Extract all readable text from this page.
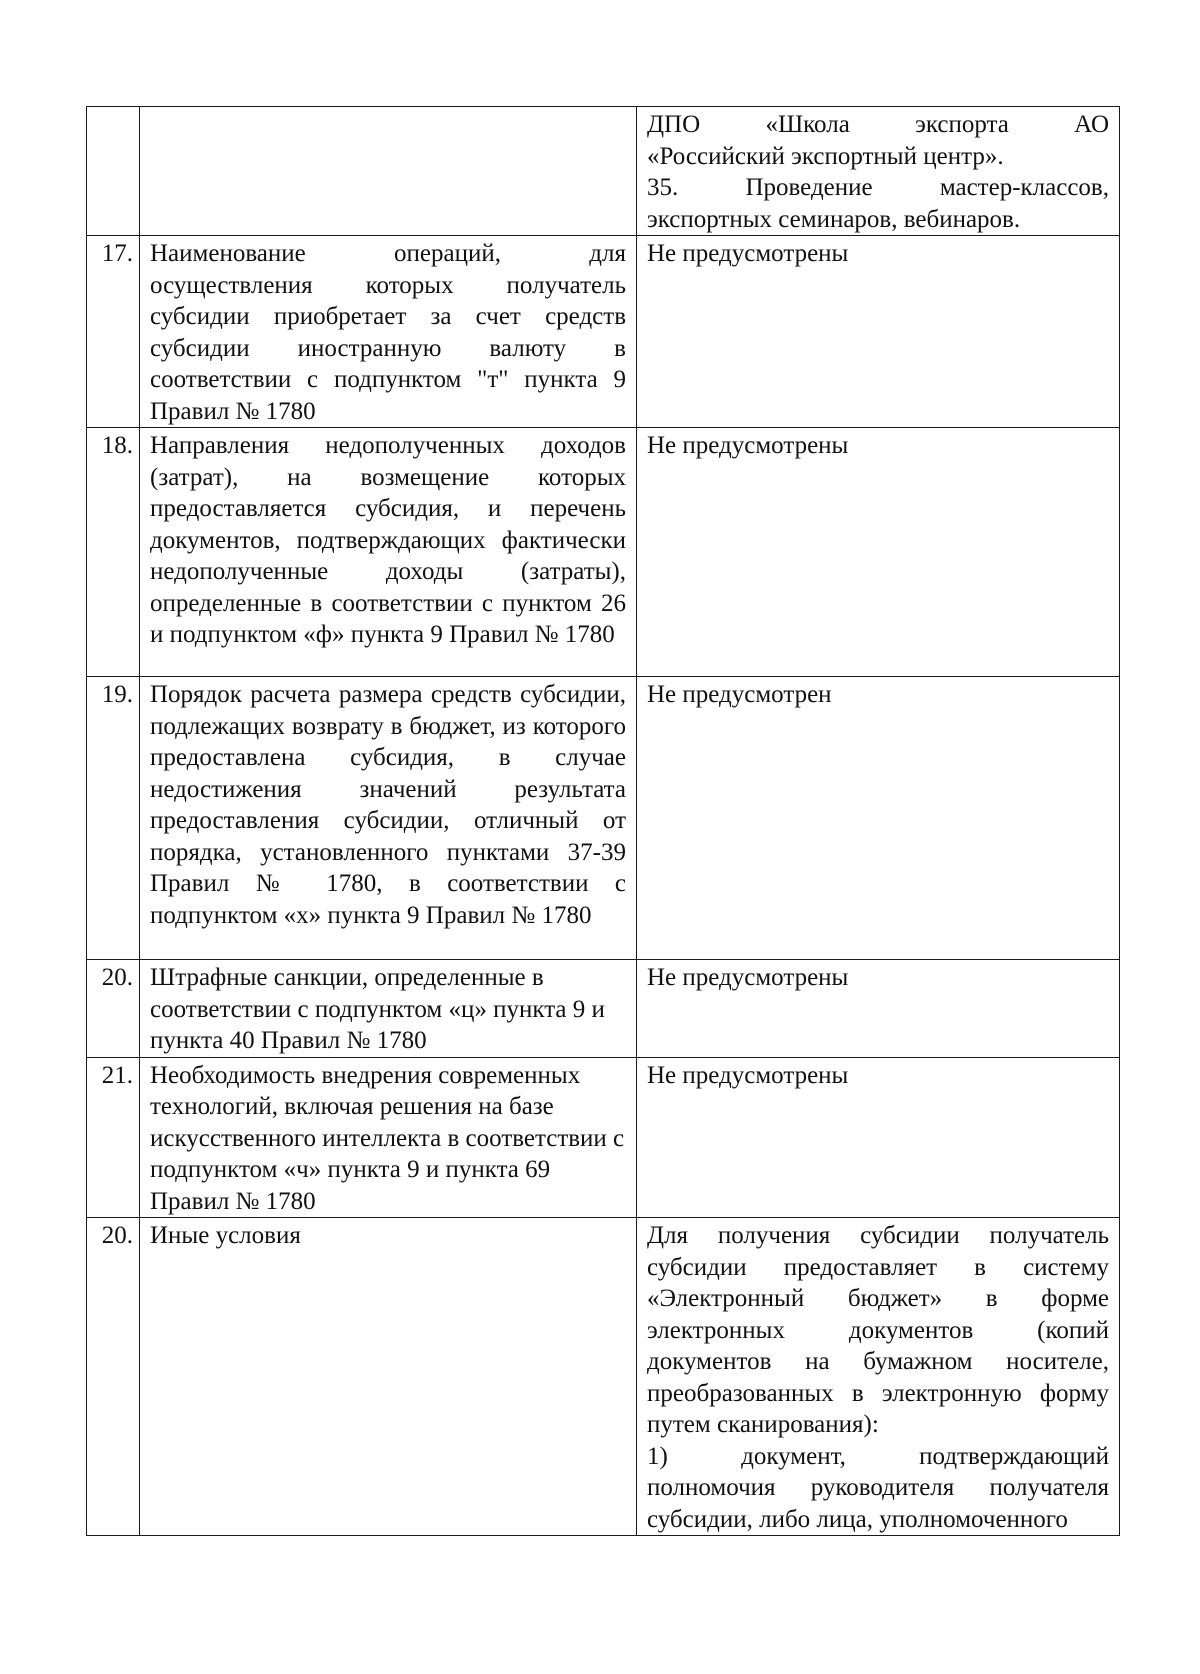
		ДПО «Школа экспорта АО
«Российский экспортный центр».
35. Проведение мастер-классов,
экспортных семинаров, вебинаров.

17.	Наименование операций, для осуществления которых получатель субсидии приобретает за счет средств субсидии иностранную валюту в соответствии с подпунктом "т" пункта 9 Правил № 1780	Не предусмотрены
18.	Направления недополученных доходов (затрат), на возмещение которых предоставляется субсидия, и перечень документов, подтверждающих фактически недополученные доходы (затраты), определенные в соответствии с пунктом 26 и подпунктом «ф» пункта 9 Правил № 1780	Не предусмотрены
19.	Порядок расчета размера средств субсидии, подлежащих возврату в бюджет, из которого предоставлена субсидия, в случае недостижения значений результата предоставления субсидии, отличный от порядка, установленного пунктами 37-39 Правил № 1780, в соответствии с подпунктом «х» пункта 9 Правил № 1780	Не предусмотрен
20.	Штрафные санкции, определенные в соответствии с подпунктом «ц» пункта 9 и пункта 40 Правил № 1780	Не предусмотрены
21.	Необходимость внедрения современных технологий, включая решения на базе искусственного интеллекта в соответствии с подпунктом «ч» пункта 9 и пункта 69 Правил № 1780	Не предусмотрены
20.	Иные условия	Для получения субсидии получатель субсидии предоставляет в систему «Электронный бюджет» в форме электронных документов (копий документов на бумажном носителе, преобразованных в электронную форму путем сканирования):

1) документ, подтверждающий полномочия руководителя получателя субсидии, либо лица, уполномоченного
